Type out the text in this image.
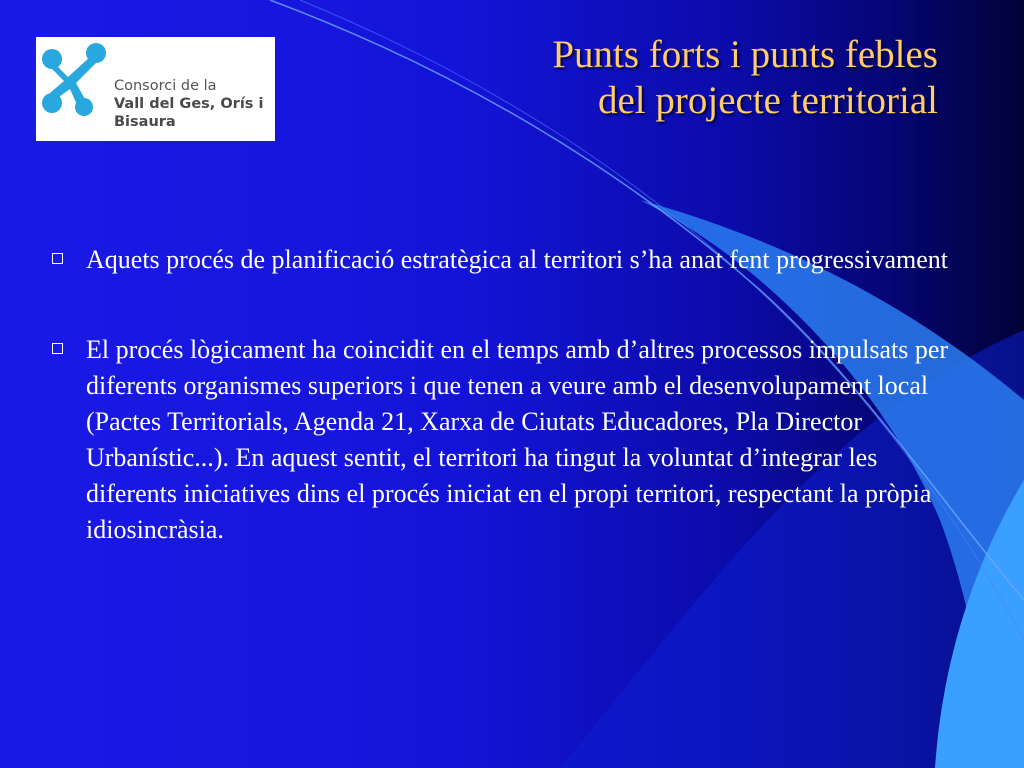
Consorci de la
Vall del Ges, Orís i
Bisaura
Punts forts i punts febles
del projecte territorial
Aquets procés de planificació estratègica al territori s’ha anat fent progressivament
El procés lògicament ha coincidit en el temps amb d’altres processos impulsats per diferents organismes superiors i que tenen a veure amb el desenvolupament local (Pactes Territorials, Agenda 21, Xarxa de Ciutats Educadores, Pla Director Urbanístic...). En aquest sentit, el territori ha tingut la voluntat d’integrar les diferents iniciatives dins el procés iniciat en el propi territori, respectant la pròpia idiosincràsia.
